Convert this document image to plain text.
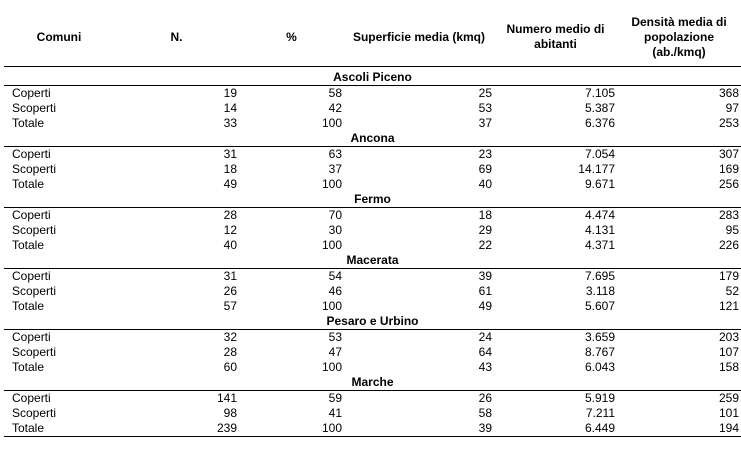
Comuni	N.	%	Superficie media (kmq)	Numero medio di abitanti	Densità media di popolazione (ab./kmq)
Ascoli Piceno					
Coperti	19	58	25	7.105	368
Scoperti	14	42	53	5.387	97
Totale	33	100	37	6.376	253
Ancona					
Coperti	31	63	23	7.054	307
Scoperti	18	37	69	14.177	169
Totale	49	100	40	9.671	256
Fermo					
Coperti	28	70	18	4.474	283
Scoperti	12	30	29	4.131	95
Totale	40	100	22	4.371	226
Macerata					
Coperti	31	54	39	7.695	179
Scoperti	26	46	61	3.118	52
Totale	57	100	49	5.607	121
Pesaro e Urbino					
Coperti	32	53	24	3.659	203
Scoperti	28	47	64	8.767	107
Totale	60	100	43	6.043	158
Marche					
Coperti	141	59	26	5.919	259
Scoperti	98	41	58	7.211	101
Totale	239	100	39	6.449	194
